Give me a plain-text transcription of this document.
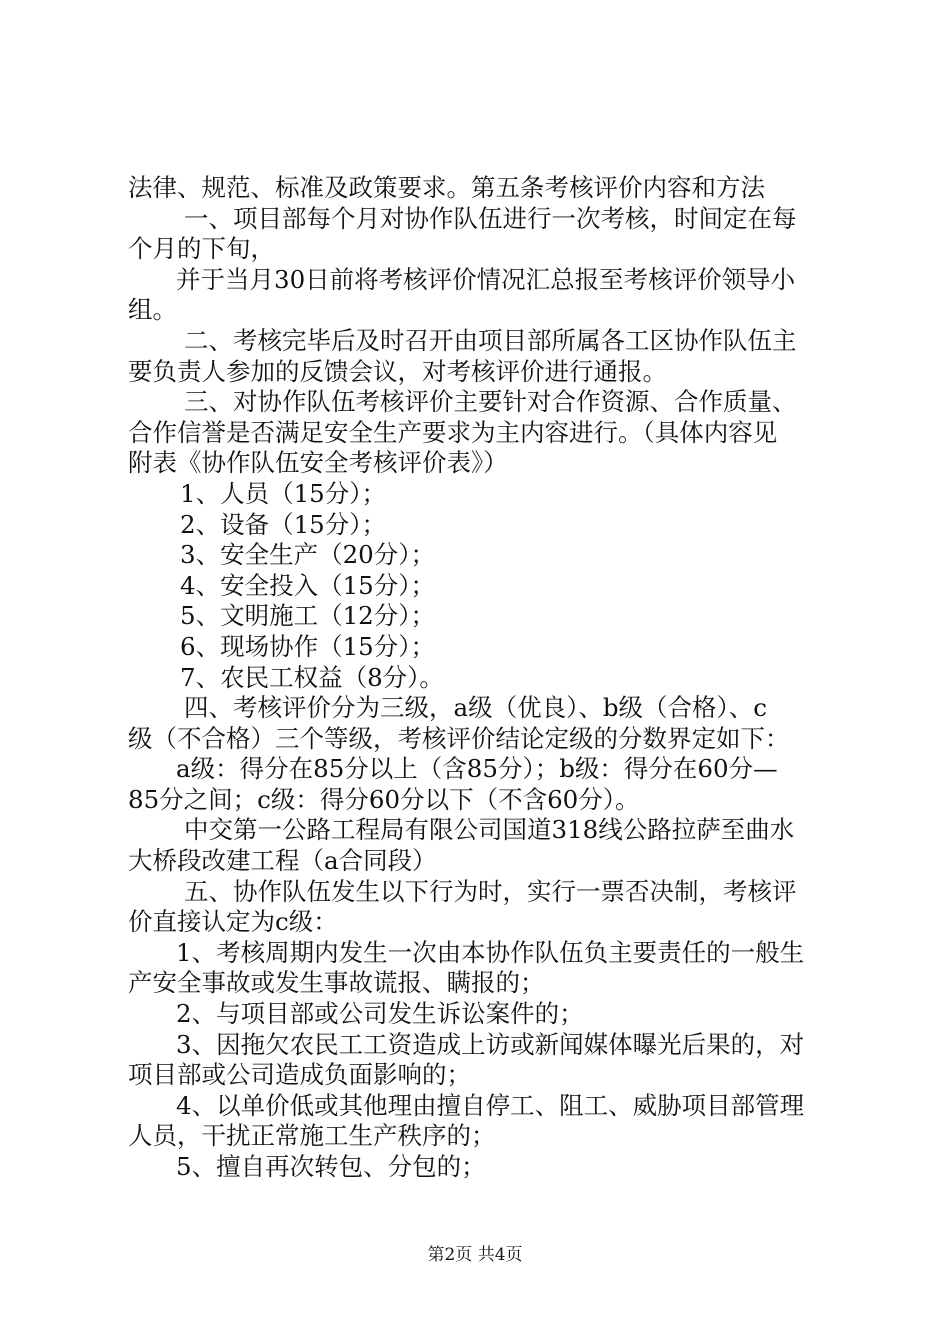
法律、规范、标准及政策要求。第五条考核评价内容和方法
一、项目部每个月对协作队伍进行一次考核，时间定在每
个月的下旬，
并于当月30日前将考核评价情况汇总报至考核评价领导小
组。
二、考核完毕后及时召开由项目部所属各工区协作队伍主
要负责人参加的反馈会议，对考核评价进行通报。
三、对协作队伍考核评价主要针对合作资源、合作质量、
合作信誉是否满足安全生产要求为主内容进行。（具体内容见
附表《协作队伍安全考核评价表》）
1、人员（15分）；
2、设备（15分）；
3、安全生产（20分）；
4、安全投入（15分）；
5、文明施工（12分）；
6、现场协作（15分）；
7、农民工权益（8分）。
四、考核评价分为三级，a级（优良）、b级（合格）、c
级（不合格）三个等级，考核评价结论定级的分数界定如下：
a级：得分在85分以上（含85分）；b级：得分在60分—
85分之间；c级：得分60分以下（不含60分）。
中交第一公路工程局有限公司国道318线公路拉萨至曲水
大桥段改建工程（a合同段）
五、协作队伍发生以下行为时，实行一票否决制，考核评
价直接认定为c级：
1、考核周期内发生一次由本协作队伍负主要责任的一般生
产安全事故或发生事故谎报、瞒报的；
2、与项目部或公司发生诉讼案件的；
3、因拖欠农民工工资造成上访或新闻媒体曝光后果的，对
项目部或公司造成负面影响的；
4、以单价低或其他理由擅自停工、阻工、威胁项目部管理
人员，干扰正常施工生产秩序的；
5、擅自再次转包、分包的；
第2页 共4页
